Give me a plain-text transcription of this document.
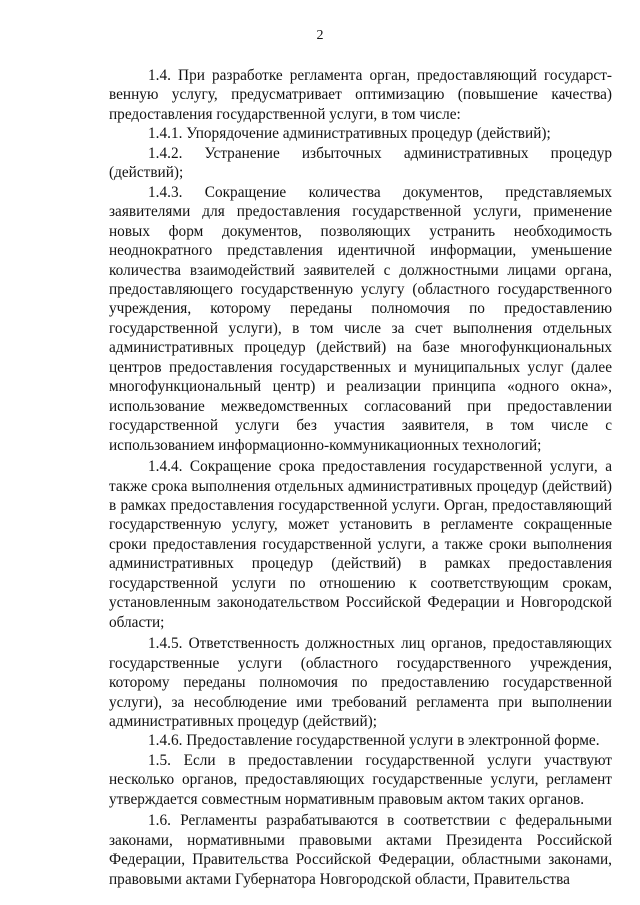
2

1.4. При разработке регламента орган, предоставляющий государственную услугу, предусматривает оптимизацию (повышение качества) предоставления государственной услуги, в том числе:

1.4.1. Упорядочение административных процедур (действий);

1.4.2. Устранение избыточных административных процедур (действий);

1.4.3. Сокращение количества документов, представляемых заявителями для предоставления государственной услуги, применение новых форм документов, позволяющих устранить необходимость неоднократного представления идентичной информации, уменьшение количества взаимодействий заявителей с должностными лицами органа, предоставляющего государственную услугу (областного государственного учреждения, которому переданы полномочия по предоставлению государственной услуги), в том числе за счет выполнения отдельных административных процедур (действий) на базе многофункциональных центров предоставления государственных и муниципальных услуг (далее многофункциональный центр) и реализации принципа «одного окна», использование межведомственных согласований при предоставлении государственной услуги без участия заявителя, в том числе с использованием информационно-коммуникационных технологий;

1.4.4. Сокращение срока предоставления государственной услуги, а также срока выполнения отдельных административных процедур (действий) в рамках предоставления государственной услуги. Орган, предоставляющий государственную услугу, может установить в регламенте сокращенные сроки предоставления государственной услуги, а также сроки выполнения административных процедур (действий) в рамках предоставления государственной услуги по отношению к соответствующим срокам, установленным законодательством Российской Федерации и Новгородской области;

1.4.5. Ответственность должностных лиц органов, предоставляющих государственные услуги (областного государственного учреждения, которому переданы полномочия по предоставлению государственной услуги), за несоблюдение ими требований регламента при выполнении административных процедур (действий);

1.4.6. Предоставление государственной услуги в электронной форме.

1.5. Если в предоставлении государственной услуги участвуют несколько органов, предоставляющих государственные услуги, регламент утверждается совместным нормативным правовым актом таких органов.

1.6. Регламенты разрабатываются в соответствии с федеральными законами, нормативными правовыми актами Президента Российской Федерации, Правительства Российской Федерации, областными законами, правовыми актами Губернатора Новгородской области, Правительства
